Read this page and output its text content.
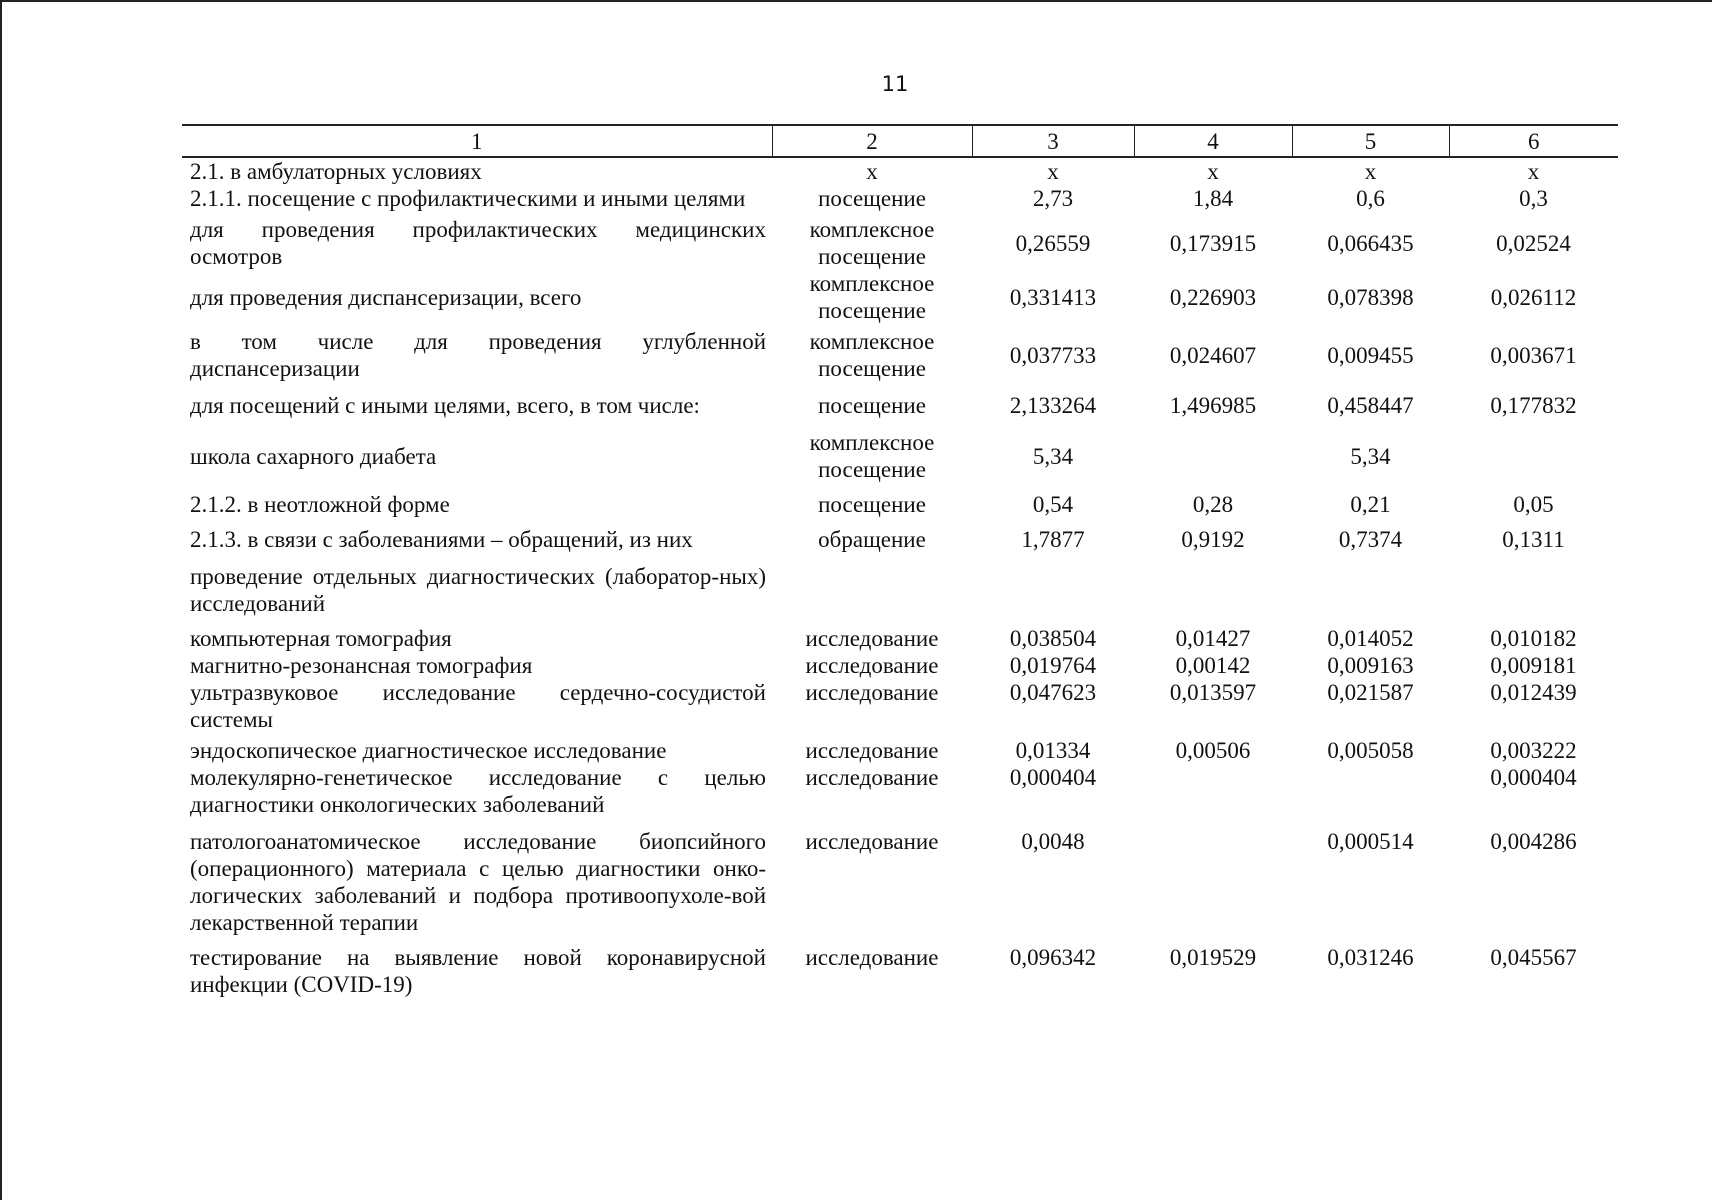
11
1	2	3	4	5	6
2.1. в амбулаторных условиях	х	х	х	х	х
2.1.1. посещение с профилактическими и иными целями	посещение	2,73	1,84	0,6	0,3
для проведения профилактических медицинских осмотров	комплексное посещение	0,26559	0,173915	0,066435	0,02524
для проведения диспансеризации, всего	комплексное посещение	0,331413	0,226903	0,078398	0,026112
в том числе для проведения углубленной диспансеризации	комплексное посещение	0,037733	0,024607	0,009455	0,003671
для посещений с иными целями, всего, в том числе:	посещение	2,133264	1,496985	0,458447	0,177832
школа сахарного диабета	комплексное посещение	5,34		5,34	
2.1.2. в неотложной форме	посещение	0,54	0,28	0,21	0,05
2.1.3. в связи с заболеваниями – обращений, из них	обращение	1,7877	0,9192	0,7374	0,1311
проведение отдельных диагностических (лаборатор-ных) исследований					
компьютерная томография	исследование	0,038504	0,01427	0,014052	0,010182
магнитно-резонансная томография	исследование	0,019764	0,00142	0,009163	0,009181
ультразвуковое исследование сердечно-сосудистой системы	исследование	0,047623	0,013597	0,021587	0,012439
эндоскопическое диагностическое исследование	исследование	0,01334	0,00506	0,005058	0,003222
молекулярно-генетическое исследование с целью диагностики онкологических заболеваний	исследование	0,000404			0,000404
патологоанатомическое исследование биопсийного (операционного) материала с целью диагностики онко-логических заболеваний и подбора противоопухоле-вой лекарственной терапии	исследование	0,0048		0,000514	0,004286
тестирование на выявление новой коронавирусной инфекции (COVID-19)	исследование	0,096342	0,019529	0,031246	0,045567
